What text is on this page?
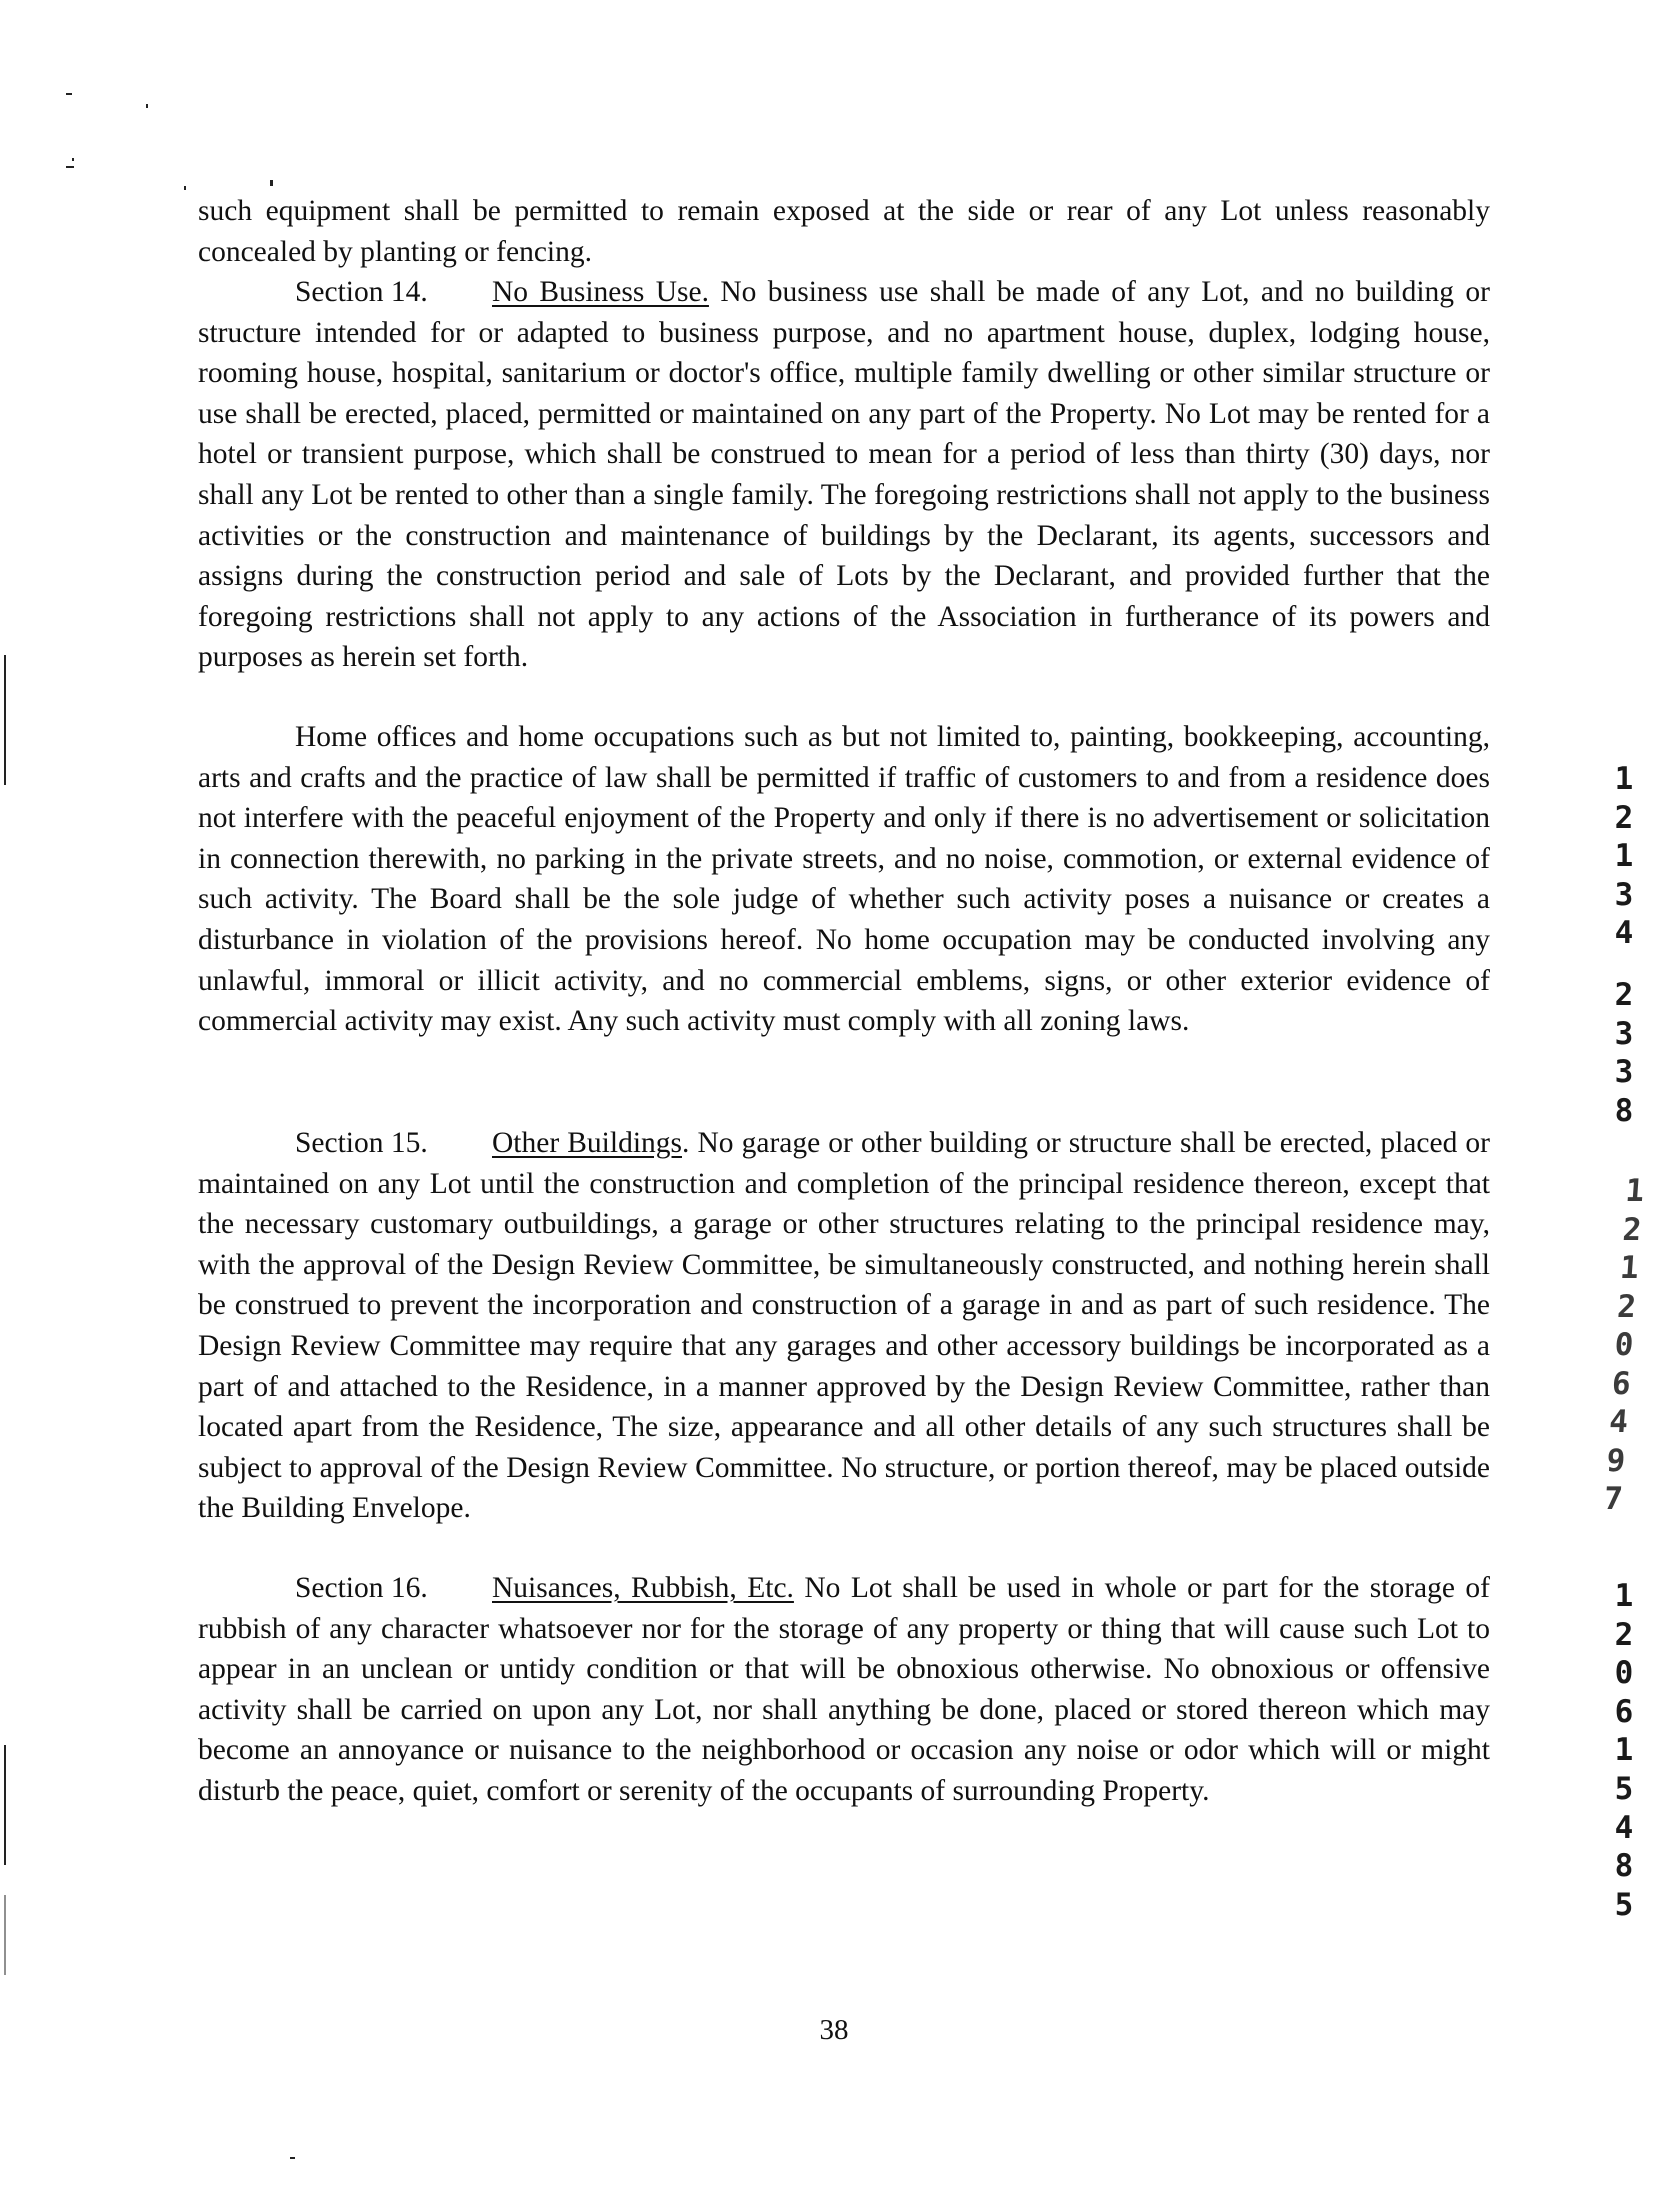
such equipment shall be permitted to remain exposed at the side or rear of any Lot unless reasonably concealed by planting or fencing.

Section 14. No Business Use. No business use shall be made of any Lot, and no building or structure intended for or adapted to business purpose, and no apartment house, duplex, lodging house, rooming house, hospital, sanitarium or doctor's office, multiple family dwelling or other similar structure or use shall be erected, placed, permitted or maintained on any part of the Property. No Lot may be rented for a hotel or transient purpose, which shall be construed to mean for a period of less than thirty (30) days, nor shall any Lot be rented to other than a single family. The foregoing restrictions shall not apply to the business activities or the construction and maintenance of buildings by the Declarant, its agents, successors and assigns during the construction period and sale of Lots by the Declarant, and provided further that the foregoing restrictions shall not apply to any actions of the Association in furtherance of its powers and purposes as herein set forth.

Home offices and home occupations such as but not limited to, painting, bookkeeping, accounting, arts and crafts and the practice of law shall be permitted if traffic of customers to and from a residence does not interfere with the peaceful enjoyment of the Property and only if there is no advertisement or solicitation in connection therewith, no parking in the private streets, and no noise, commotion, or external evidence of such activity. The Board shall be the sole judge of whether such activity poses a nuisance or creates a disturbance in violation of the provisions hereof. No home occupation may be conducted involving any unlawful, immoral or illicit activity, and no commercial emblems, signs, or other exterior evidence of commercial activity may exist. Any such activity must comply with all zoning laws.

Section 15. Other Buildings. No garage or other building or structure shall be erected, placed or maintained on any Lot until the construction and completion of the principal residence thereon, except that the necessary customary outbuildings, a garage or other structures relating to the principal residence may, with the approval of the Design Review Committee, be simultaneously constructed, and nothing herein shall be construed to prevent the incorporation and construction of a garage in and as part of such residence. The Design Review Committee may require that any garages and other accessory buildings be incorporated as a part of and attached to the Residence, in a manner approved by the Design Review Committee, rather than located apart from the Residence, The size, appearance and all other details of any such structures shall be subject to approval of the Design Review Committee. No structure, or portion thereof, may be placed outside the Building Envelope.

Section 16. Nuisances, Rubbish, Etc. No Lot shall be used in whole or part for the storage of rubbish of any character whatsoever nor for the storage of any property or thing that will cause such Lot to appear in an unclean or untidy condition or that will be obnoxious otherwise. No obnoxious or offensive activity shall be carried on upon any Lot, nor shall anything be done, placed or stored thereon which may become an annoyance or nuisance to the neighborhood or occasion any noise or odor which will or might disturb the peace, quiet, comfort or serenity of the occupants of surrounding Property.

38

1
2
1
3
4
2
3
3
8
1
2
1
2
0
6
4
9
7
1
2
0
6
1
5
4
8
5
